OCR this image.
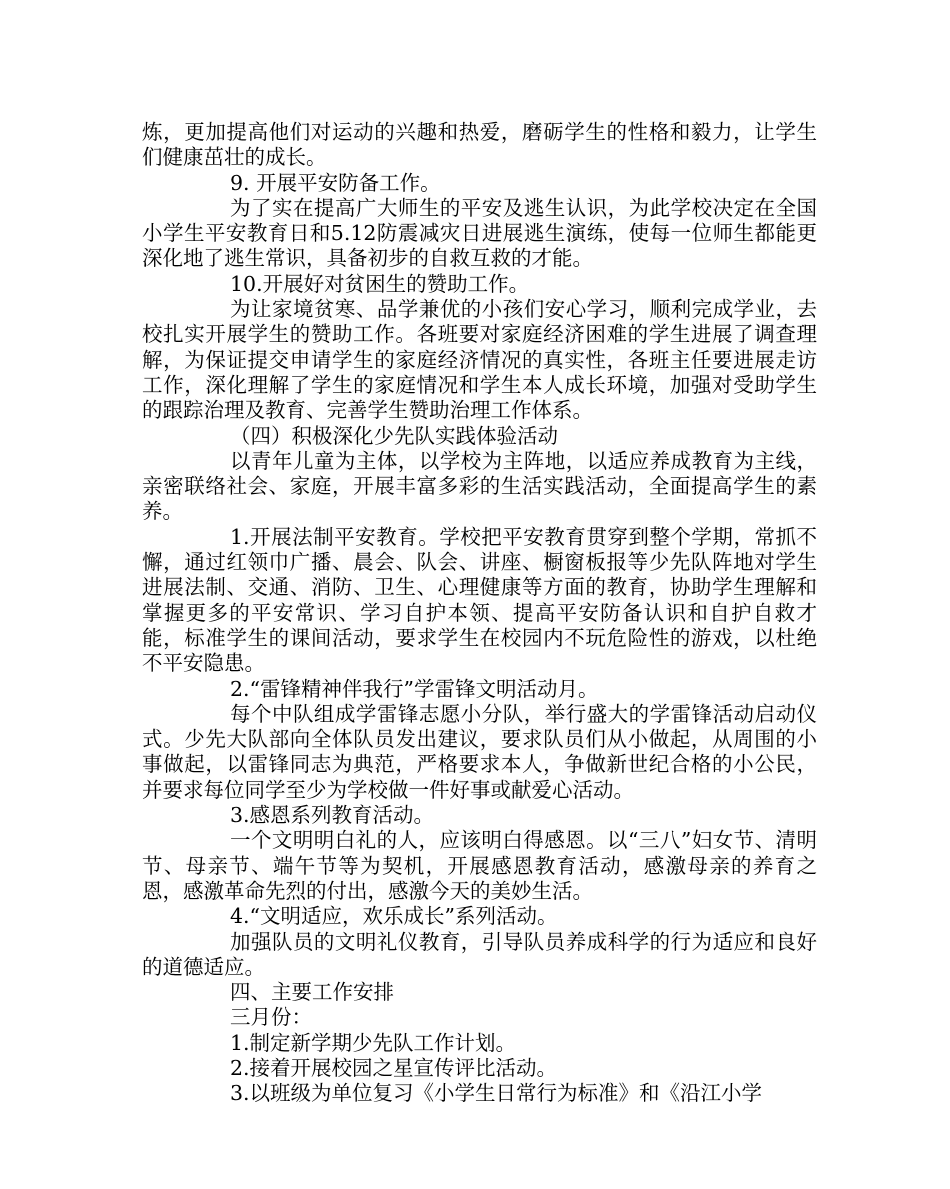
炼，更加提高他们对运动的兴趣和热爱，磨砺学生的性格和毅力，让学生们健康茁壮的成长。

9. 开展平安防备工作。

为了实在提高广大师生的平安及逃生认识，为此学校决定在全国小学生平安教育日和5.12防震减灾日进展逃生演练，使每一位师生都能更深化地了逃生常识，具备初步的自救互救的才能。

10.开展好对贫困生的赞助工作。

为让家境贫寒、品学兼优的小孩们安心学习，顺利完成学业，去校扎实开展学生的赞助工作。各班要对家庭经济困难的学生进展了调查理解，为保证提交申请学生的家庭经济情况的真实性，各班主任要进展走访工作，深化理解了学生的家庭情况和学生本人成长环境，加强对受助学生的跟踪治理及教育、完善学生赞助治理工作体系。

（四）积极深化少先队实践体验活动

以青年儿童为主体，以学校为主阵地，以适应养成教育为主线，亲密联络社会、家庭，开展丰富多彩的生活实践活动，全面提高学生的素养。

1.开展法制平安教育。学校把平安教育贯穿到整个学期，常抓不懈，通过红领巾广播、晨会、队会、讲座、橱窗板报等少先队阵地对学生进展法制、交通、消防、卫生、心理健康等方面的教育，协助学生理解和掌握更多的平安常识、学习自护本领、提高平安防备认识和自护自救才能，标准学生的课间活动，要求学生在校园内不玩危险性的游戏，以杜绝不平安隐患。

2.“雷锋精神伴我行”学雷锋文明活动月。

每个中队组成学雷锋志愿小分队，举行盛大的学雷锋活动启动仪式。少先大队部向全体队员发出建议，要求队员们从小做起，从周围的小事做起，以雷锋同志为典范，严格要求本人，争做新世纪合格的小公民，并要求每位同学至少为学校做一件好事或献爱心活动。

3.感恩系列教育活动。

一个文明明白礼的人，应该明白得感恩。以“三八”妇女节、清明节、母亲节、端午节等为契机，开展感恩教育活动，感激母亲的养育之恩，感激革命先烈的付出，感激今天的美妙生活。

4.“文明适应，欢乐成长”系列活动。

加强队员的文明礼仪教育，引导队员养成科学的行为适应和良好的道德适应。

四、主要工作安排

三月份：

1.制定新学期少先队工作计划。

2.接着开展校园之星宣传评比活动。

3.以班级为单位复习《小学生日常行为标准》和《沿江小学
